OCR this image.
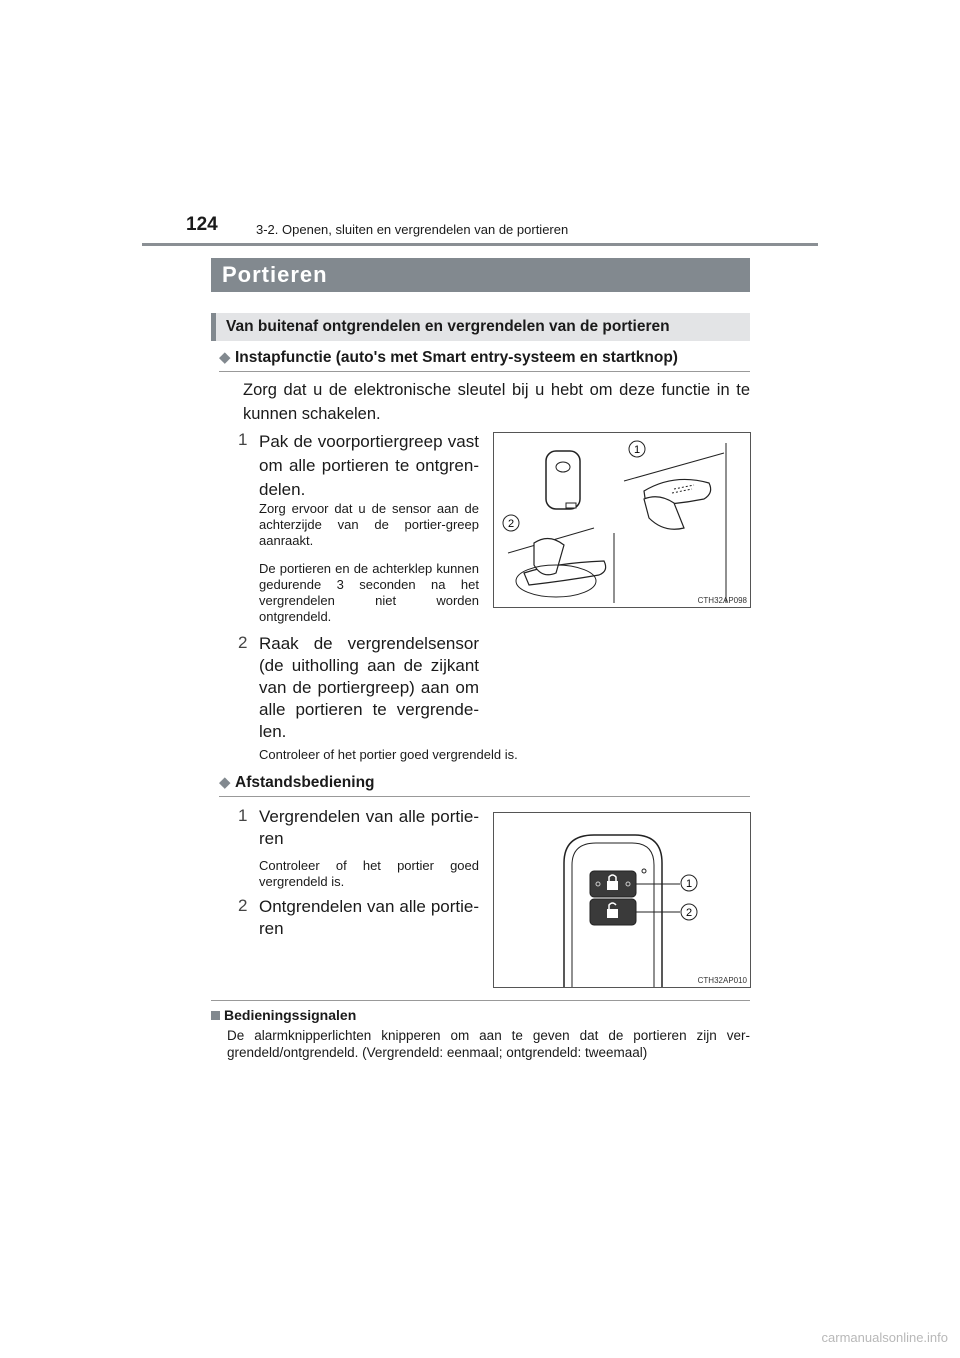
124	3-2. Openen, sluiten en vergrendelen van de portieren
Portieren
Van buitenaf ontgrendelen en vergrendelen van de portieren
◆ Instapfunctie (auto's met Smart entry-systeem en startknop)
Zorg dat u de elektronische sleutel bij u hebt om deze functie in te kunnen schakelen.
1 Pak de voorportiergreep vast om alle portieren te ontgren-delen.
Zorg ervoor dat u de sensor aan de achterzijde van de portier-greep aanraakt.
De portieren en de achterklep kunnen gedurende 3 seconden na het vergrendelen niet worden ontgrendeld.
2 Raak de vergrendelsensor (de uitholling aan de zijkant van de portiergreep) aan om alle portieren te vergrende-len.
Controleer of het portier goed vergrendeld is.
1
2
CTH32AP098
◆ Afstandsbediening
1 Vergrendelen van alle portie-ren
Controleer of het portier goed vergrendeld is.
2 Ontgrendelen van alle portie-ren
1
2
CTH32AP010
Bedieningssignalen
De alarmknipperlichten knipperen om aan te geven dat de portieren zijn ver-grendeld/ontgrendeld. (Vergrendeld: eenmaal; ontgrendeld: tweemaal)
carmanualsonline.info
